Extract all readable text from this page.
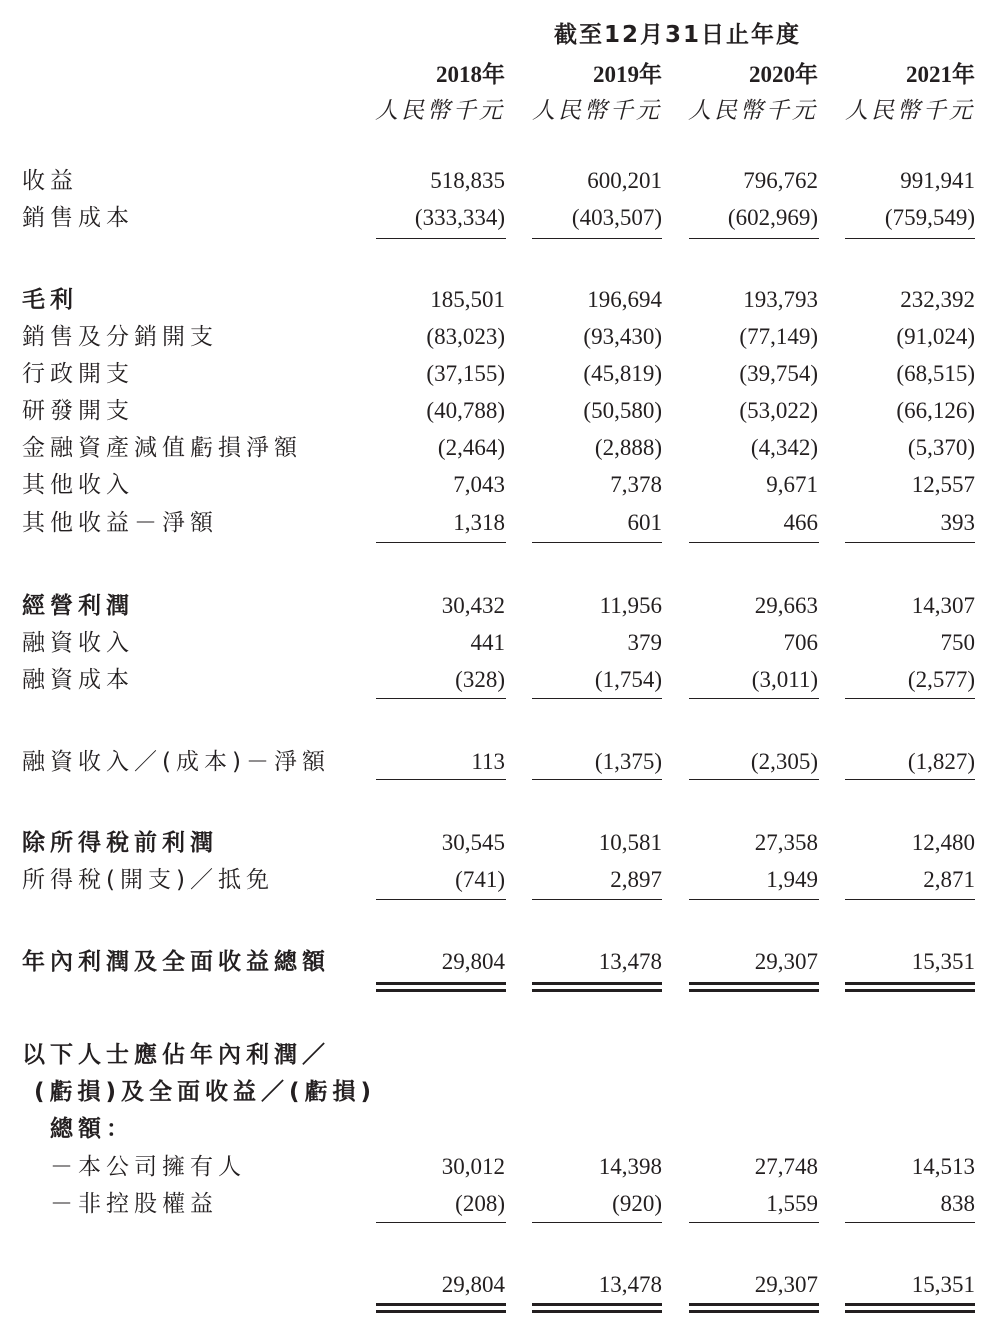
截至12月31日止年度
2018年	2019年	2020年	2021年
人民幣千元	人民幣千元	人民幣千元	人民幣千元
收益	518,835	600,201	796,762	991,941
銷售成本	(333,334)	(403,507)	(602,969)	(759,549)
毛利	185,501	196,694	193,793	232,392
銷售及分銷開支	(83,023)	(93,430)	(77,149)	(91,024)
行政開支	(37,155)	(45,819)	(39,754)	(68,515)
研發開支	(40,788)	(50,580)	(53,022)	(66,126)
金融資產減值虧損淨額	(2,464)	(2,888)	(4,342)	(5,370)
其他收入	7,043	7,378	9,671	12,557
其他收益－淨額	1,318	601	466	393
經營利潤	30,432	11,956	29,663	14,307
融資收入	441	379	706	750
融資成本	(328)	(1,754)	(3,011)	(2,577)
融資收入／(成本)－淨額	113	(1,375)	(2,305)	(1,827)
除所得稅前利潤	30,545	10,581	27,358	12,480
所得稅(開支)／抵免	(741)	2,897	1,949	2,871
年內利潤及全面收益總額	29,804	13,478	29,307	15,351
以下人士應佔年內利潤／
(虧損)及全面收益／(虧損)
總額：
－本公司擁有人	30,012	14,398	27,748	14,513
－非控股權益	(208)	(920)	1,559	838
29,804	13,478	29,307	15,351
